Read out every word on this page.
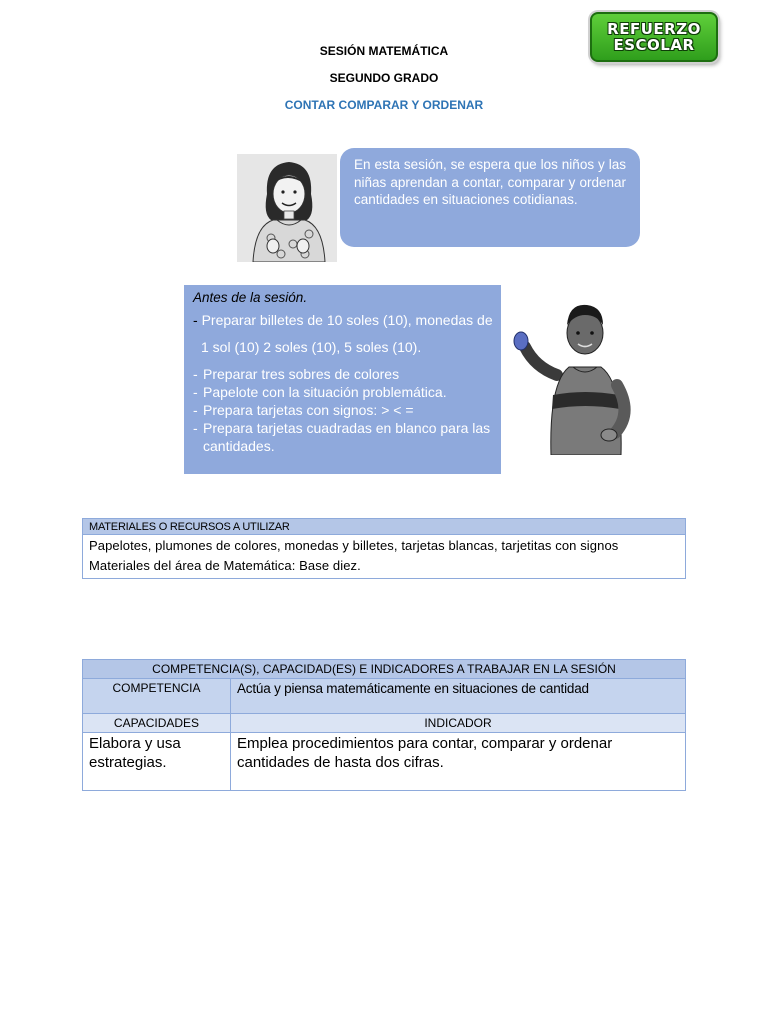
SESIÓN MATEMÁTICA
SEGUNDO GRADO
CONTAR COMPARAR Y ORDENAR
REFUERZO
ESCOLAR
En esta sesión, se espera que los niños y las niñas aprendan a contar, comparar y ordenar cantidades en situaciones cotidianas.
Antes de la sesión.
- Preparar billetes de 10 soles (10), monedas de
1 sol (10) 2 soles (10), 5 soles (10).
- Preparar tres sobres de colores
- Papelote con la situación problemática.
- Prepara tarjetas con signos: > < =
- Prepara tarjetas cuadradas en blanco para las cantidades.
MATERIALES O RECURSOS A UTILIZAR

Papelotes, plumones de colores, monedas y billetes, tarjetas blancas, tarjetitas con signos
Materiales del área de Matemática: Base diez.
COMPETENCIA(S), CAPACIDAD(ES) E INDICADORES A TRABAJAR EN LA SESIÓN	
COMPETENCIA	Actúa y piensa matemáticamente en situaciones de cantidad
CAPACIDADES	INDICADOR
Elabora y usa estrategias.	Emplea procedimientos para contar, comparar y ordenar cantidades de hasta dos cifras.
